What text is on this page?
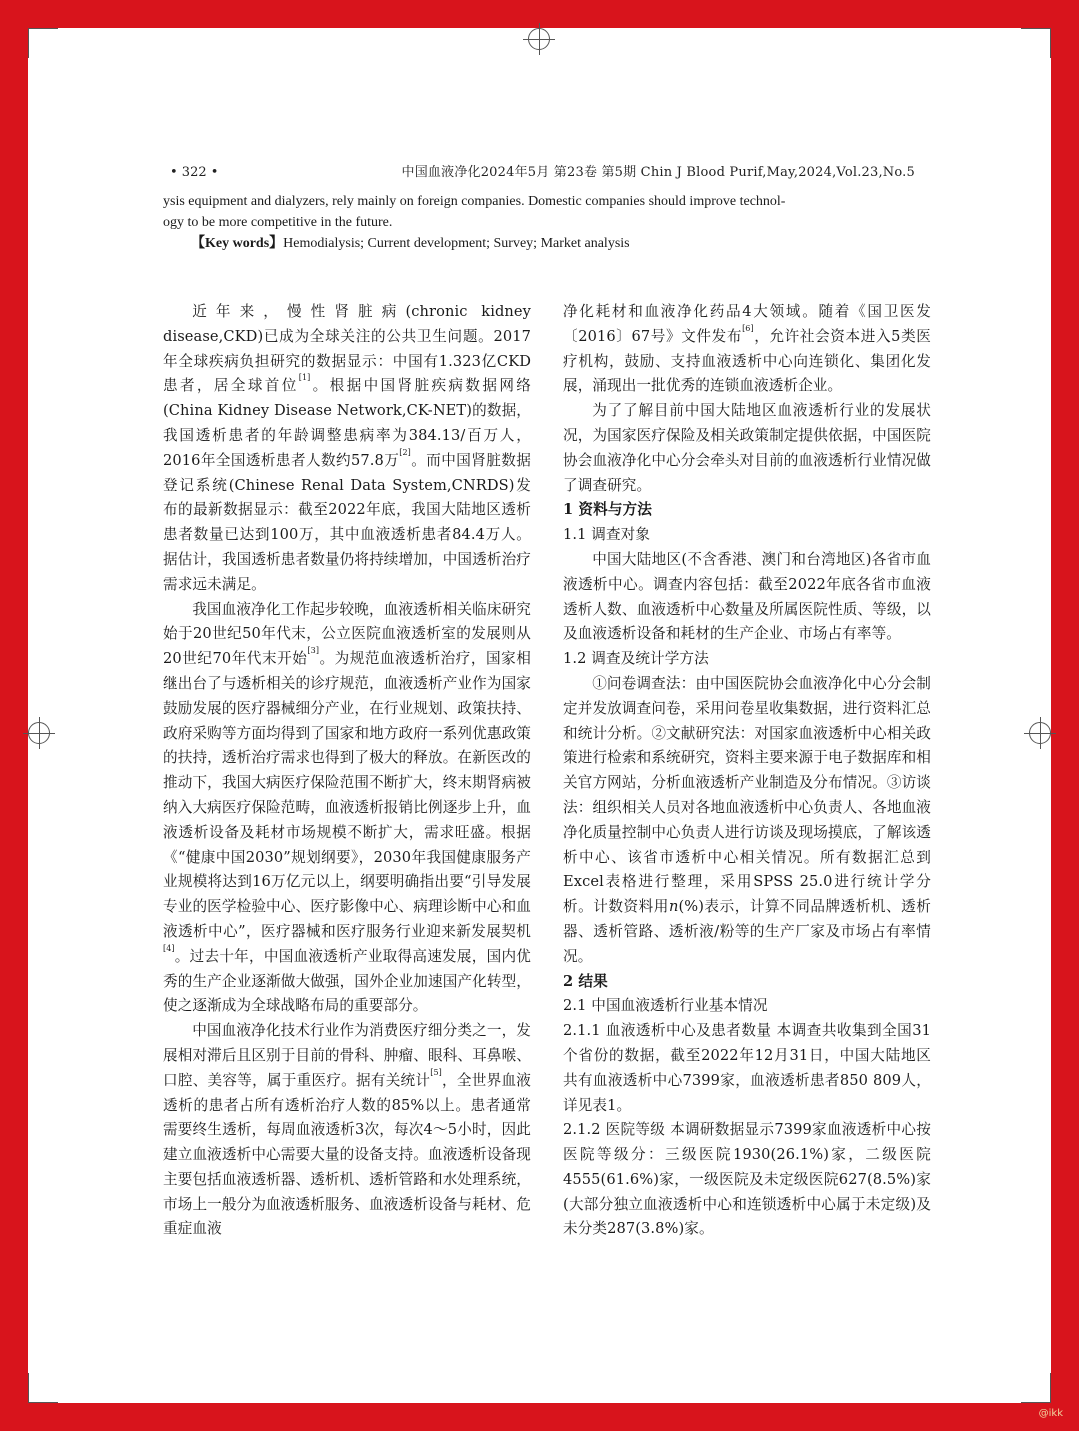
• 322 •	中国血液净化2024年5月 第23卷 第5期 Chin J Blood Purif,May,2024,Vol.23,No.5

ysis equipment and dialyzers, rely mainly on foreign companies. Domestic companies should improve technol-

ogy to be more competitive in the future.

【Key words】Hemodialysis; Current development; Survey; Market analysis

近年来，慢性肾脏病(chronic kidney disease,CKD)已成为全球关注的公共卫生问题。2017年全球疾病负担研究的数据显示：中国有1.323亿CKD患者，居全球首位[1]。根据中国肾脏疾病数据网络(China Kidney Disease Network,CK-NET)的数据，我国透析患者的年龄调整患病率为384.13/百万人，2016年全国透析患者人数约57.8万[2]。而中国肾脏数据登记系统(Chinese Renal Data System,CNRDS)发布的最新数据显示：截至2022年底，我国大陆地区透析患者数量已达到100万，其中血液透析患者84.4万人。据估计，我国透析患者数量仍将持续增加，中国透析治疗需求远未满足。

我国血液净化工作起步较晚，血液透析相关临床研究始于20世纪50年代末，公立医院血液透析室的发展则从20世纪70年代末开始[3]。为规范血液透析治疗，国家相继出台了与透析相关的诊疗规范，血液透析产业作为国家鼓励发展的医疗器械细分产业，在行业规划、政策扶持、政府采购等方面均得到了国家和地方政府一系列优惠政策的扶持，透析治疗需求也得到了极大的释放。在新医改的推动下，我国大病医疗保险范围不断扩大，终末期肾病被纳入大病医疗保险范畴，血液透析报销比例逐步上升，血液透析设备及耗材市场规模不断扩大，需求旺盛。根据《“健康中国2030”规划纲要》，2030年我国健康服务产业规模将达到16万亿元以上，纲要明确指出要“引导发展专业的医学检验中心、医疗影像中心、病理诊断中心和血液透析中心”，医疗器械和医疗服务行业迎来新发展契机[4]。过去十年，中国血液透析产业取得高速发展，国内优秀的生产企业逐渐做大做强，国外企业加速国产化转型，使之逐渐成为全球战略布局的重要部分。

中国血液净化技术行业作为消费医疗细分类之一，发展相对滞后且区别于目前的骨科、肿瘤、眼科、耳鼻喉、口腔、美容等，属于重医疗。据有关统计[5]，全世界血液透析的患者占所有透析治疗人数的85%以上。患者通常需要终生透析，每周血液透析3次，每次4～5小时，因此建立血液透析中心需要大量的设备支持。血液透析设备现主要包括血液透析器、透析机、透析管路和水处理系统，市场上一般分为血液透析服务、血液透析设备与耗材、危重症血液

净化耗材和血液净化药品4大领域。随着《国卫医发〔2016〕67号》文件发布[6]，允许社会资本进入5类医疗机构，鼓励、支持血液透析中心向连锁化、集团化发展，涌现出一批优秀的连锁血液透析企业。

为了了解目前中国大陆地区血液透析行业的发展状况，为国家医疗保险及相关政策制定提供依据，中国医院协会血液净化中心分会牵头对目前的血液透析行业情况做了调查研究。

1 资料与方法

1.1 调查对象

中国大陆地区(不含香港、澳门和台湾地区)各省市血液透析中心。调查内容包括：截至2022年底各省市血液透析人数、血液透析中心数量及所属医院性质、等级，以及血液透析设备和耗材的生产企业、市场占有率等。

1.2 调查及统计学方法

①问卷调查法：由中国医院协会血液净化中心分会制定并发放调查问卷，采用问卷星收集数据，进行资料汇总和统计分析。②文献研究法：对国家血液透析中心相关政策进行检索和系统研究，资料主要来源于电子数据库和相关官方网站，分析血液透析产业制造及分布情况。③访谈法：组织相关人员对各地血液透析中心负责人、各地血液净化质量控制中心负责人进行访谈及现场摸底，了解该透析中心、该省市透析中心相关情况。所有数据汇总到Excel表格进行整理，采用SPSS 25.0进行统计学分析。计数资料用n(%)表示，计算不同品牌透析机、透析器、透析管路、透析液/粉等的生产厂家及市场占有率情况。

2 结果

2.1 中国血液透析行业基本情况

2.1.1 血液透析中心及患者数量 本调查共收集到全国31个省份的数据，截至2022年12月31日，中国大陆地区共有血液透析中心7399家，血液透析患者850 809人，详见表1。

2.1.2 医院等级 本调研数据显示7399家血液透析中心按医院等级分：三级医院1930(26.1%)家，二级医院4555(61.6%)家，一级医院及未定级医院627(8.5%)家(大部分独立血液透析中心和连锁透析中心属于未定级)及未分类287(3.8%)家。

@ikk
